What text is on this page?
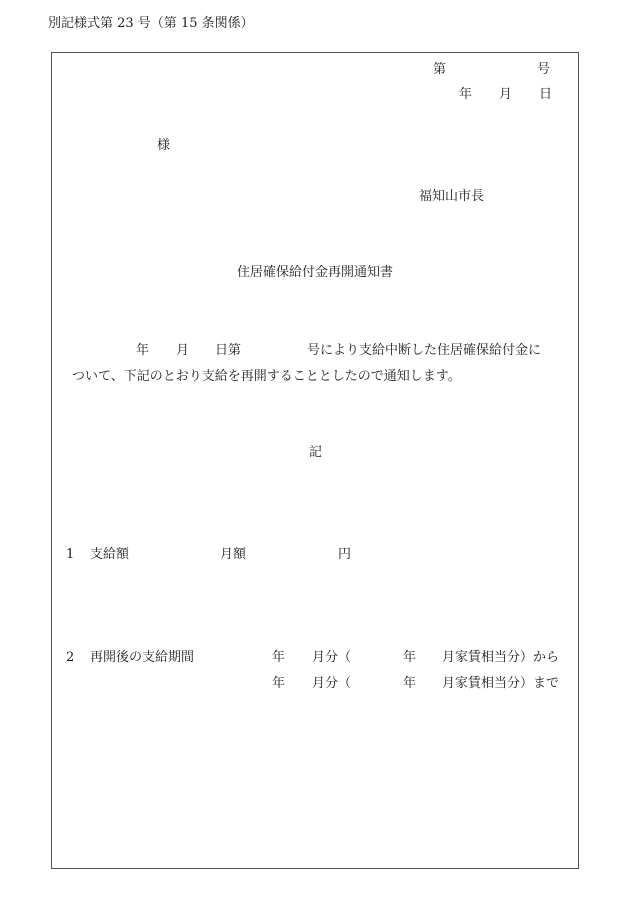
別記様式第 23 号（第 15 条関係）
第	号
年 月 日
様
福知山市長
住居確保給付金再開通知書
年 月 日第	号により支給中断した住居確保給付金に
ついて、下記のとおり支給を再開することとしたので通知します。
記
1 支給額	月額	円
2 再開後の支給期間	年 月分（	年 月家賃相当分） から
年 月分（	年 月家賃相当分） まで
